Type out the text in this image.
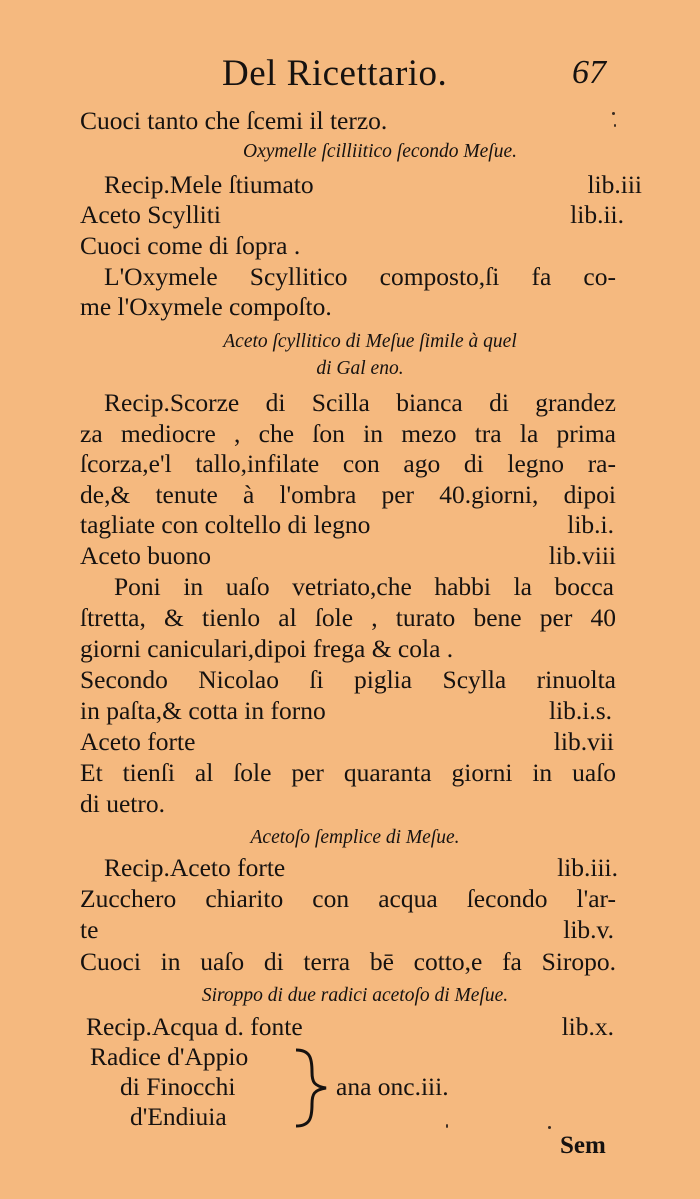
Del Ricettario.	67
Cuoci tanto che ſcemi il terzo.
Oxymelle ſcilliitico ſecondo Meſue.
Recip.Mele ſtiumato	lib.iii
Aceto Scylliti	lib.ii.
Cuoci come di ſopra .
L'Oxymele Scyllitico composto,ſi fa co-
me l'Oxymele compoſto.
Aceto ſcyllitico di Meſue ſimile à quel
di Gal eno.
Recip.Scorze di Scilla bianca di grandez
za mediocre , che ſon in mezo tra la prima
ſcorza,e'l tallo,infilate con ago di legno ra-
de,& tenute à l'ombra per 40.giorni, dipoi
tagliate con coltello di legno	lib.i.
Aceto buono	lib.viii
Poni in uaſo vetriato,che habbi la bocca
ſtretta, & tienlo al ſole , turato bene per 40
giorni caniculari,dipoi frega & cola .
Secondo Nicolao ſi piglia Scylla rinuolta
in paſta,& cotta in forno	lib.i.s.
Aceto forte	lib.vii
Et tienſi al ſole per quaranta giorni in uaſo
di uetro.
Acetoſo ſemplice di Meſue.
Recip.Aceto forte	lib.iii.
Zucchero chiarito con acqua ſecondo l'ar-
te	lib.v.
Cuoci in uaſo di terra bē cotto,e fa Siropo.
Siroppo di due radici acetoſo di Meſue.
Recip.Acqua d. fonte	lib.x.
Radice d'Appio
di Finocchi
d'Endiuia
ana onc.iii.
Sem
